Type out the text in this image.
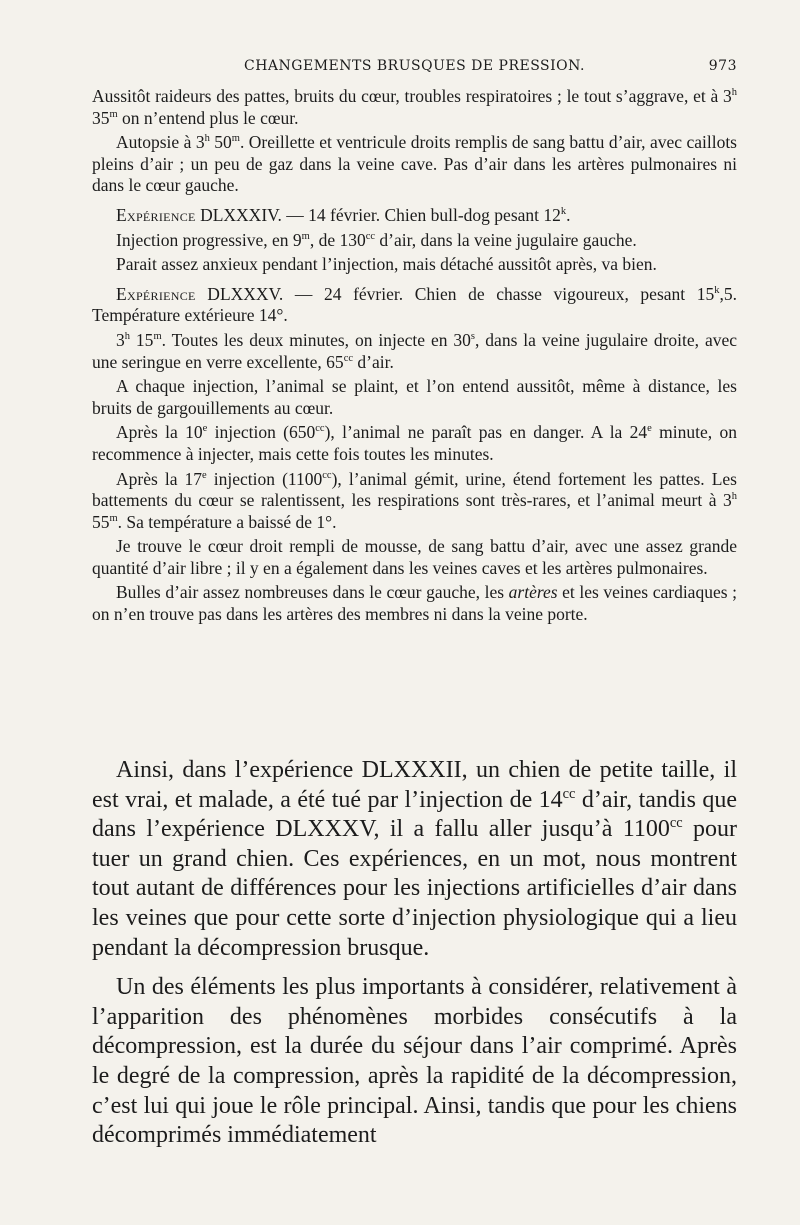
CHANGEMENTS BRUSQUES DE PRESSION.	973

Aussitôt raideurs des pattes, bruits du cœur, troubles respiratoires ; le tout s’aggrave, et à 3$^h$ 35$^m$ on n’entend plus le cœur.

Autopsie à 3$^h$ 50$^m$. Oreillette et ventricule droits remplis de sang battu d’air, avec caillots pleins d’air ; un peu de gaz dans la veine cave. Pas d’air dans les artères pulmonaires ni dans le cœur gauche.

Expérience DLXXXIV. — 14 février. Chien bull-dog pesant 12$^k$.

Injection progressive, en 9$^m$, de $130^{cc}$ d’air, dans la veine jugulaire gauche.

Parait assez anxieux pendant l’injection, mais détaché aussitôt après, va bien.

Expérience DLXXXV. — 24 février. Chien de chasse vigoureux, pesant 15$^k$,5. Température extérieure 14°.

3$^h$ 15$^m$. Toutes les deux minutes, on injecte en 30$^s$, dans la veine jugulaire droite, avec une seringue en verre excellente, $65^{cc}$ d’air.

A chaque injection, l’animal se plaint, et l’on entend aussitôt, même à distance, les bruits de gargouillements au cœur.

Après la 10e injection $(650^{cc})$, l’animal ne paraît pas en danger. A la 24e minute, on recommence à injecter, mais cette fois toutes les minutes.

Après la 17e injection $(1100^{cc})$, l’animal gémit, urine, étend fortement les pattes. Les battements du cœur se ralentissent, les respirations sont très-rares, et l’animal meurt à 3$^h$ 55$^m$. Sa température a baissé de 1°.

Je trouve le cœur droit rempli de mousse, de sang battu d’air, avec une assez grande quantité d’air libre ; il y en a également dans les veines caves et les artères pulmonaires.

Bulles d’air assez nombreuses dans le cœur gauche, les artères et les veines cardiaques ; on n’en trouve pas dans les artères des membres ni dans la veine porte.

Ainsi, dans l’expérience DLXXXII, un chien de petite taille, il est vrai, et malade, a été tué par l’injection de $14^{cc}$ d’air, tandis que dans l’expérience DLXXXV, il a fallu aller jusqu’à $1100^{cc}$ pour tuer un grand chien. Ces expériences, en un mot, nous montrent tout autant de différences pour les injections artificielles d’air dans les veines que pour cette sorte d’injection physiologique qui a lieu pendant la décompression brusque.

Un des éléments les plus importants à considérer, relativement à l’apparition des phénomènes morbides consécutifs à la décompression, est la durée du séjour dans l’air comprimé. Après le degré de la compression, après la rapidité de la décompression, c’est lui qui joue le rôle principal. Ainsi, tandis que pour les chiens décomprimés immédiatement
